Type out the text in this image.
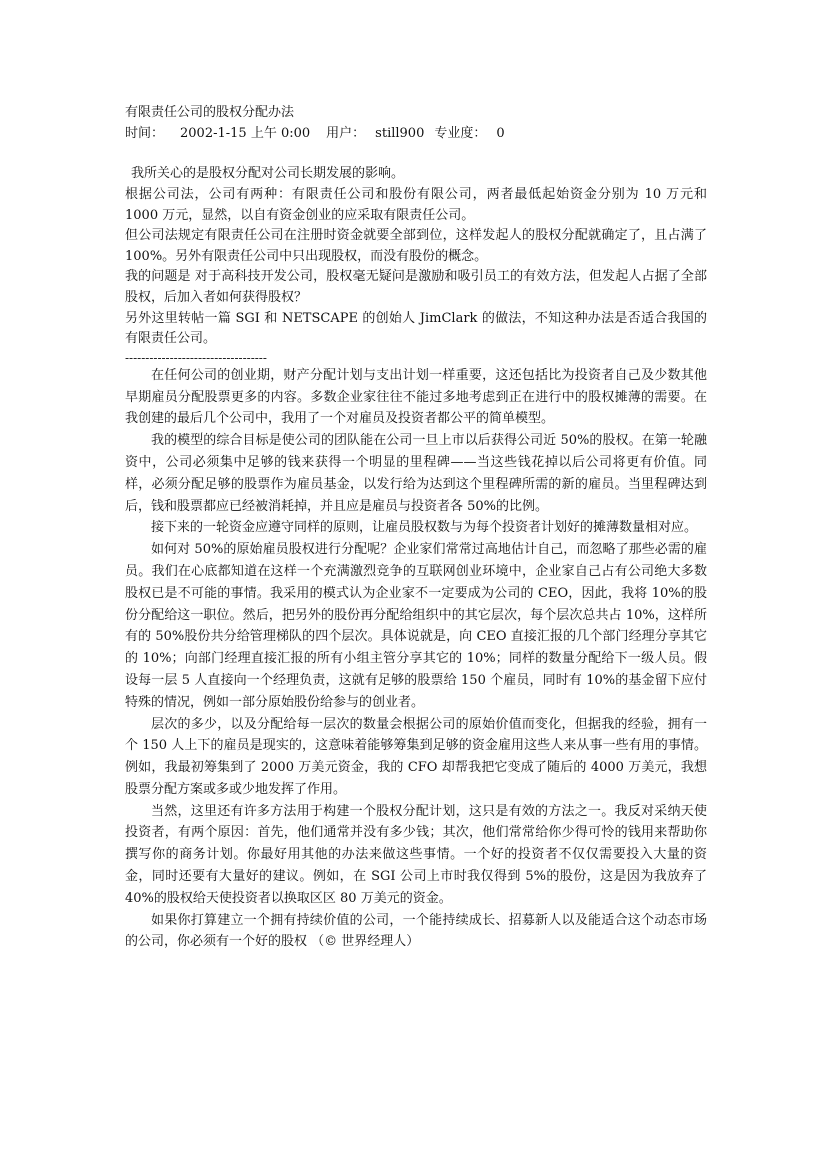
有限责任公司的股权分配办法
时间： 2002-1-15 上午 0:00 用户： still900 专业度： 0

我所关心的是股权分配对公司长期发展的影响。

根据公司法，公司有两种：有限责任公司和股份有限公司，两者最低起始资金分别为 10 万元和 1000 万元，显然，以自有资金创业的应采取有限责任公司。

但公司法规定有限责任公司在注册时资金就要全部到位，这样发起人的股权分配就确定了，且占满了 100%。另外有限责任公司中只出现股权，而没有股份的概念。

我的问题是 对于高科技开发公司，股权毫无疑问是激励和吸引员工的有效方法，但发起人占据了全部股权，后加入者如何获得股权？

另外这里转帖一篇 SGI 和 NETSCAPE 的创始人 JimClark 的做法，不知这种办法是否适合我国的有限责任公司。

-----------------------------------

在任何公司的创业期，财产分配计划与支出计划一样重要，这还包括比为投资者自己及少数其他早期雇员分配股票更多的内容。多数企业家往往不能过多地考虑到正在进行中的股权摊薄的需要。在我创建的最后几个公司中，我用了一个对雇员及投资者都公平的简单模型。

我的模型的综合目标是使公司的团队能在公司一旦上市以后获得公司近 50%的股权。在第一轮融资中，公司必须集中足够的钱来获得一个明显的里程碑——当这些钱花掉以后公司将更有价值。同样，必须分配足够的股票作为雇员基金，以发行给为达到这个里程碑所需的新的雇员。当里程碑达到后，钱和股票都应已经被消耗掉，并且应是雇员与投资者各 50%的比例。

接下来的一轮资金应遵守同样的原则，让雇员股权数与为每个投资者计划好的摊薄数量相对应。

如何对 50%的原始雇员股权进行分配呢？企业家们常常过高地估计自己，而忽略了那些必需的雇员。我们在心底都知道在这样一个充满激烈竞争的互联网创业环境中，企业家自己占有公司绝大多数股权已是不可能的事情。我采用的模式认为企业家不一定要成为公司的 CEO，因此，我将 10%的股份分配给这一职位。然后，把另外的股份再分配给组织中的其它层次，每个层次总共占 10%，这样所有的 50%股份共分给管理梯队的四个层次。具体说就是，向 CEO 直接汇报的几个部门经理分享其它的 10%；向部门经理直接汇报的所有小组主管分享其它的 10%；同样的数量分配给下一级人员。假设每一层 5 人直接向一个经理负责，这就有足够的股票给 150 个雇员，同时有 10%的基金留下应付特殊的情况，例如一部分原始股份给参与的创业者。

层次的多少，以及分配给每一层次的数量会根据公司的原始价值而变化，但据我的经验，拥有一个 150 人上下的雇员是现实的，这意味着能够筹集到足够的资金雇用这些人来从事一些有用的事情。例如，我最初筹集到了 2000 万美元资金，我的 CFO 却帮我把它变成了随后的 4000 万美元，我想股票分配方案或多或少地发挥了作用。

当然，这里还有许多方法用于构建一个股权分配计划，这只是有效的方法之一。我反对采纳天使投资者，有两个原因：首先，他们通常并没有多少钱；其次，他们常常给你少得可怜的钱用来帮助你撰写你的商务计划。你最好用其他的办法来做这些事情。一个好的投资者不仅仅需要投入大量的资金，同时还要有大量好的建议。例如，在 SGI 公司上市时我仅得到 5%的股份，这是因为我放弃了 40%的股权给天使投资者以换取区区 80 万美元的资金。

如果你打算建立一个拥有持续价值的公司，一个能持续成长、招募新人以及能适合这个动态市场的公司，你必须有一个好的股权 （© 世界经理人）
